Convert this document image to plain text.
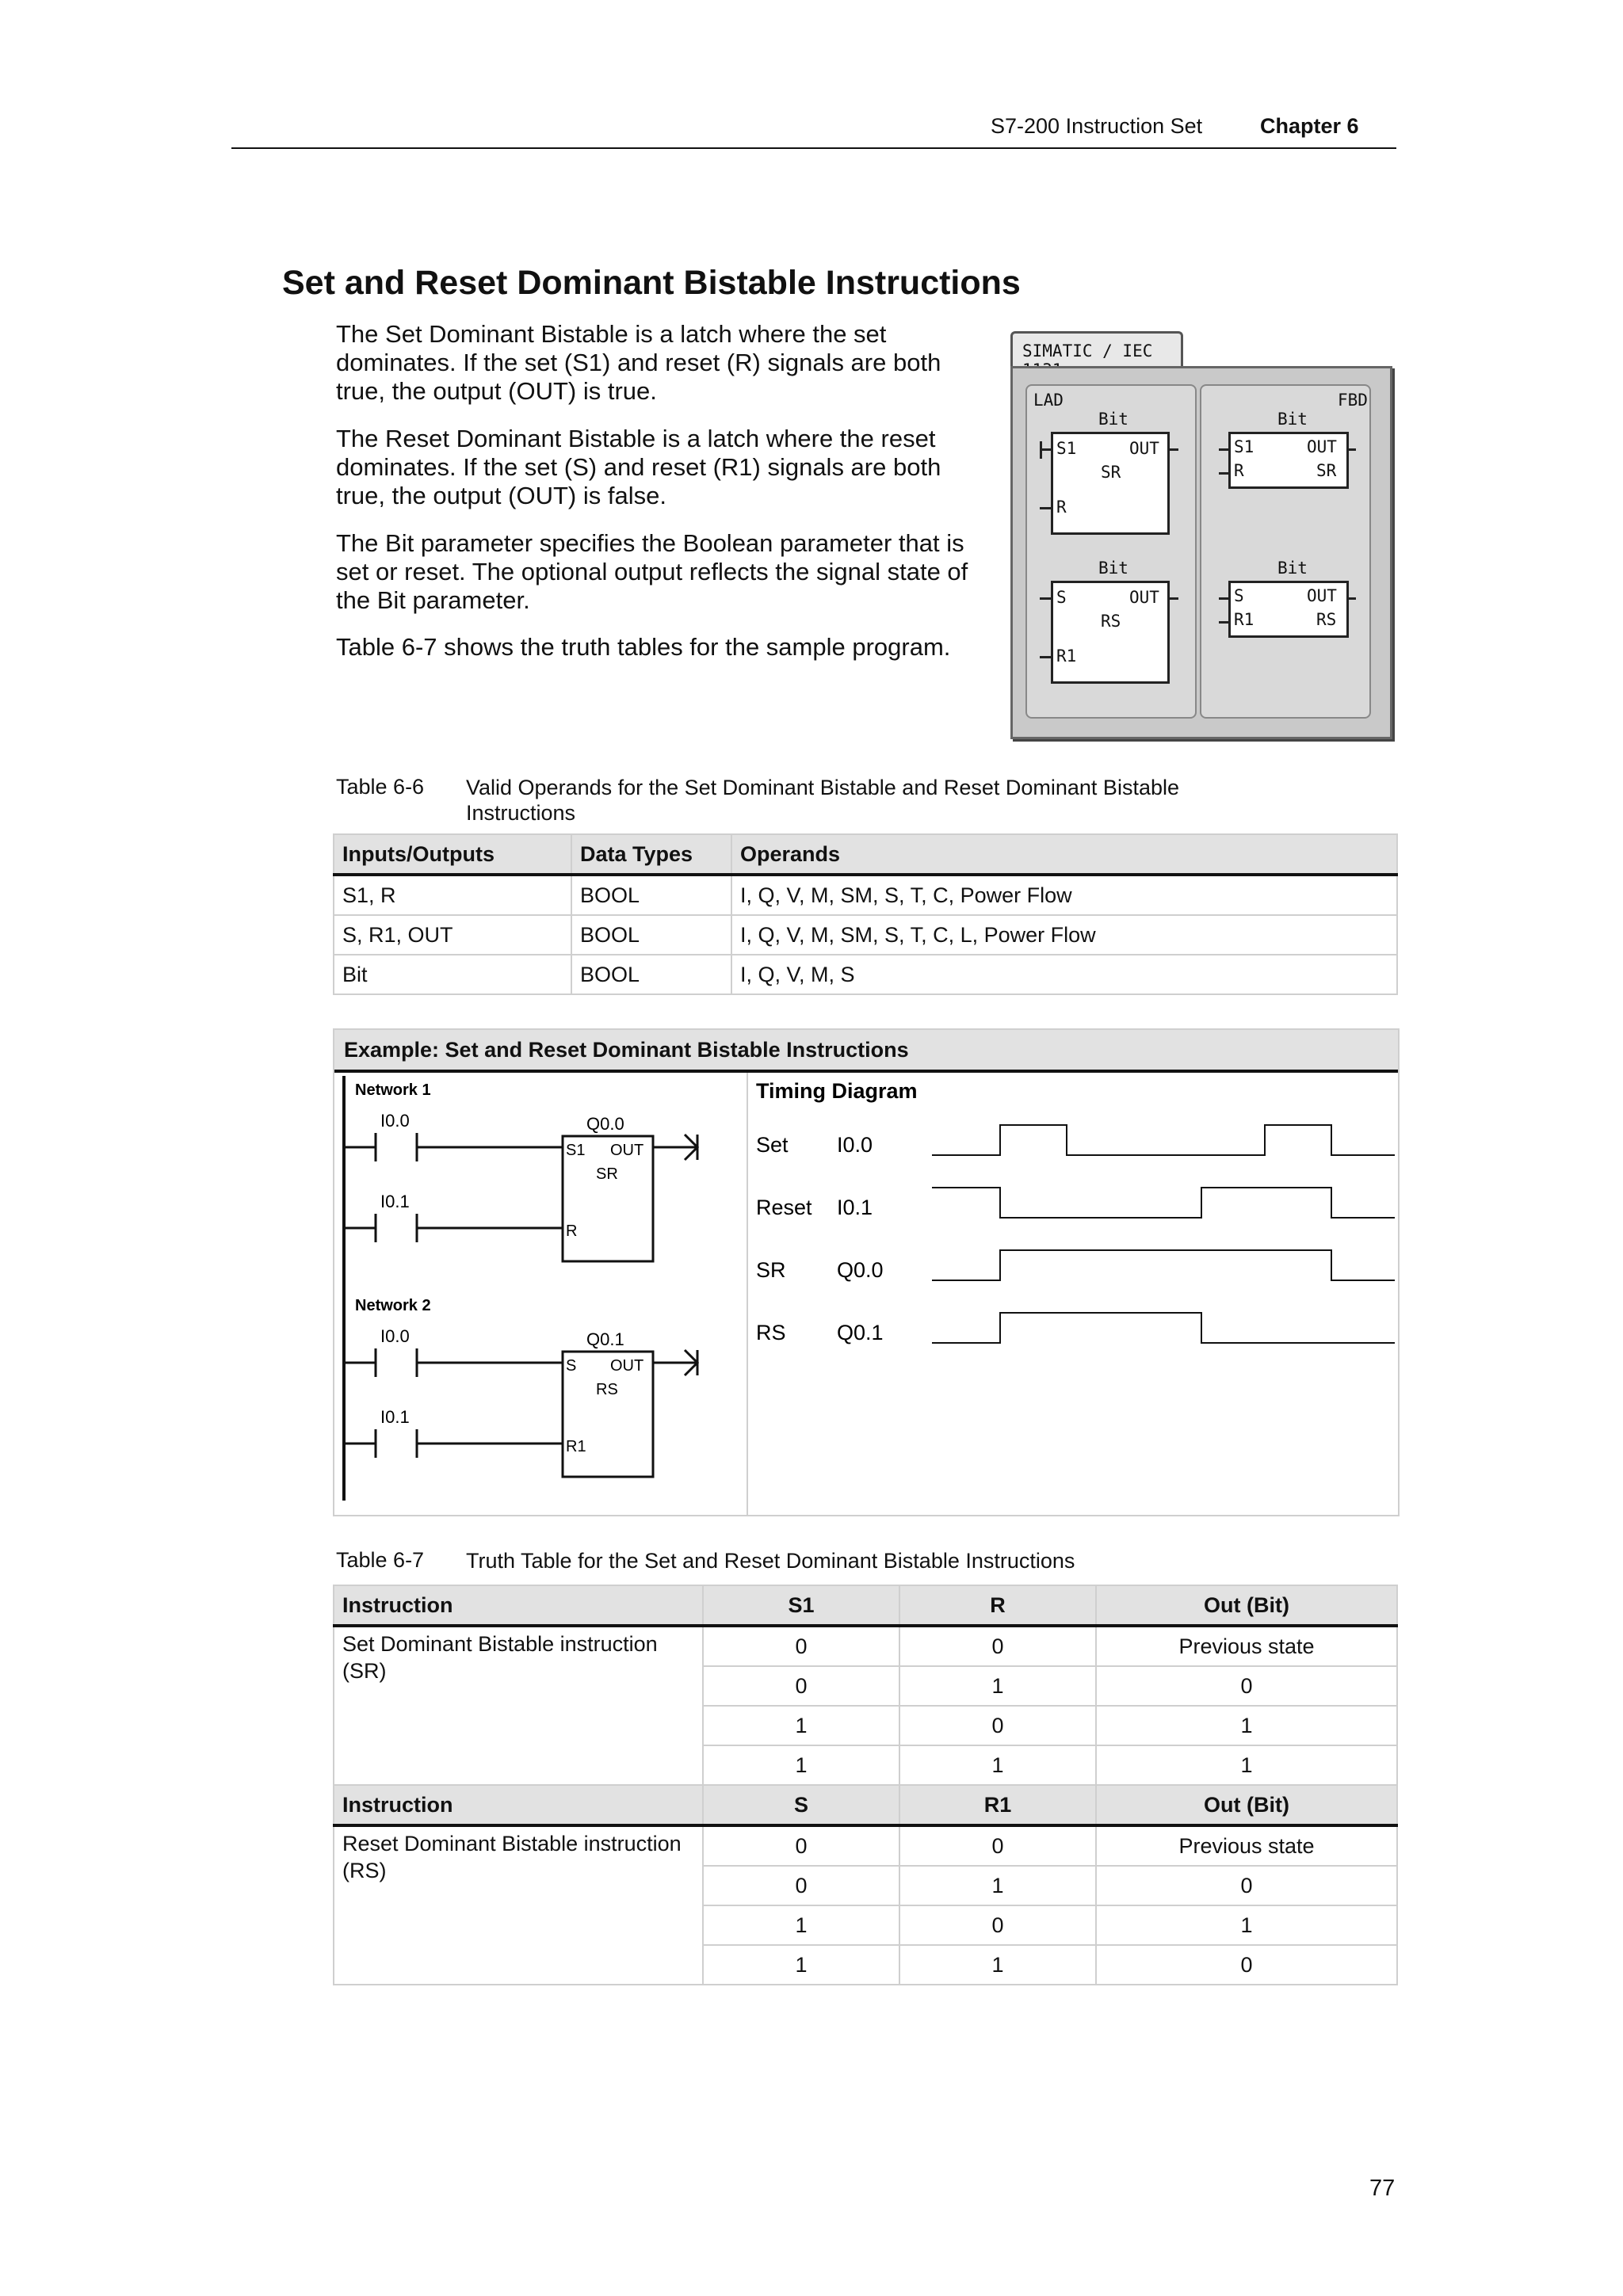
S7-200 Instruction Set	Chapter 6
Set and Reset Dominant Bistable Instructions
The Set Dominant Bistable is a latch where the set dominates. If the set (S1) and reset (R) signals are both true, the output (OUT) is true.
The Reset Dominant Bistable is a latch where the reset dominates. If the set (S) and reset (R1) signals are both true, the output (OUT) is false.
The Bit parameter specifies the Boolean parameter that is set or reset. The optional output reflects the signal state of the Bit parameter.
Table 6-7 shows the truth tables for the sample program.
SIMATIC / IEC
LAD
Bit
S1	OUT
SR
R
Bit
S	OUT
RS
R1
FBD
Bit
S1	OUT
R	SR
Bit
S	OUT
R1	RS
Table 6-6 Valid Operands for the Set Dominant Bistable and Reset Dominant Bistable Instructions
Inputs/Outputs	Data Types	Operands
S1, R	BOOL	I, Q, V, M, SM, S, T, C, Power Flow
S, R1, OUT	BOOL	I, Q, V, M, SM, S, T, C, L, Power Flow
Bit	BOOL	I, Q, V, M, S
Example: Set and Reset Dominant Bistable Instructions
Network 1
I0.0
I0.1
Q0.0
S1 OUT
SR
R
Network 2
I0.0
I0.1
Q0.1
S OUT
RS
R1
Timing Diagram
Set I0.0
Reset I0.1
SR Q0.0
RS Q0.1
Table 6-7 Truth Table for the Set and Reset Dominant Bistable Instructions
Instruction	S1	R	Out (Bit)
Set Dominant Bistable instruction (SR)	0	0	Previous state
	0	1	0
	1	0	1
	1	1	1
Instruction	S	R1	Out (Bit)
Reset Dominant Bistable instruction (RS)	0	0	Previous state
	0	1	0
	1	0	1
	1	1	0
77
